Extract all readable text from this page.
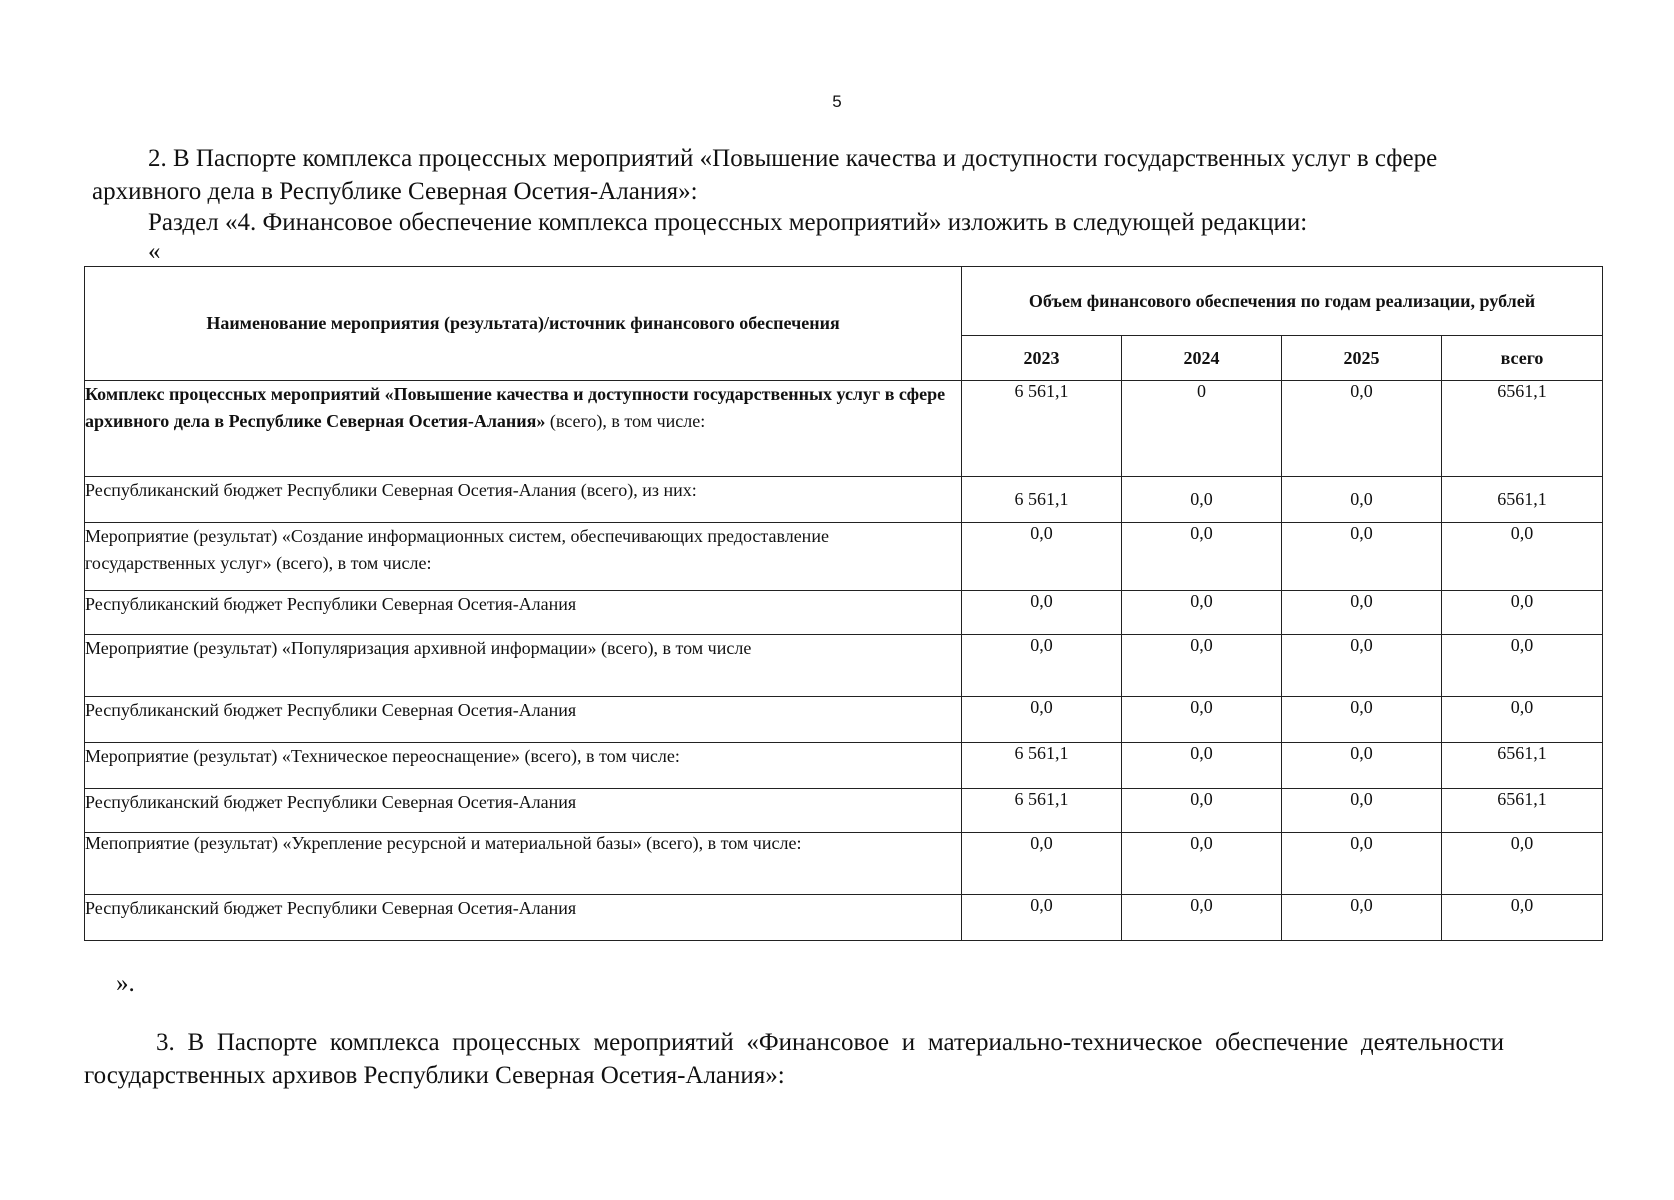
5

2. В Паспорте комплекса процессных мероприятий «Повышение качества и доступности государственных услуг в сфере архивного дела в Республике Северная Осетия-Алания»:

Раздел «4. Финансовое обеспечение комплекса процессных мероприятий» изложить в следующей редакции:

«
Наименование мероприятия (результата)/источник финансового обеспечения	Объем финансового обеспечения по годам реализации, рублей			
	2023	2024	2025	всего
Комплекс процессных мероприятий «Повышение качества и доступности государственных услуг в сфере архивного дела в Республике Северная Осетия-Алания» (всего), в том числе:	6 561,1	0	0,0	6561,1
Республиканский бюджет Республики Северная Осетия-Алания (всего), из них:	6 561,1	0,0	0,0	6561,1
Мероприятие (результат) «Создание информационных систем, обеспечивающих предоставление государственных услуг» (всего), в том числе:	0,0	0,0	0,0	0,0
Республиканский бюджет Республики Северная Осетия-Алания	0,0	0,0	0,0	0,0
Мероприятие (результат) «Популяризация архивной информации» (всего), в том числе	0,0	0,0	0,0	0,0
Республиканский бюджет Республики Северная Осетия-Алания	0,0	0,0	0,0	0,0
Мероприятие (результат) «Техническое переоснащение» (всего), в том числе:	6 561,1	0,0	0,0	6561,1
Республиканский бюджет Республики Северная Осетия-Алания	6 561,1	0,0	0,0	6561,1
Мепоприятие (результат) «Укрепление ресурсной и материальной базы» (всего), в том числе:	0,0	0,0	0,0	0,0
Республиканский бюджет Республики Северная Осетия-Алания	0,0	0,0	0,0	0,0
».

3. В Паспорте комплекса процессных мероприятий «Финансовое и материально-техническое обеспечение деятельности государственных архивов Республики Северная Осетия-Алания»:
